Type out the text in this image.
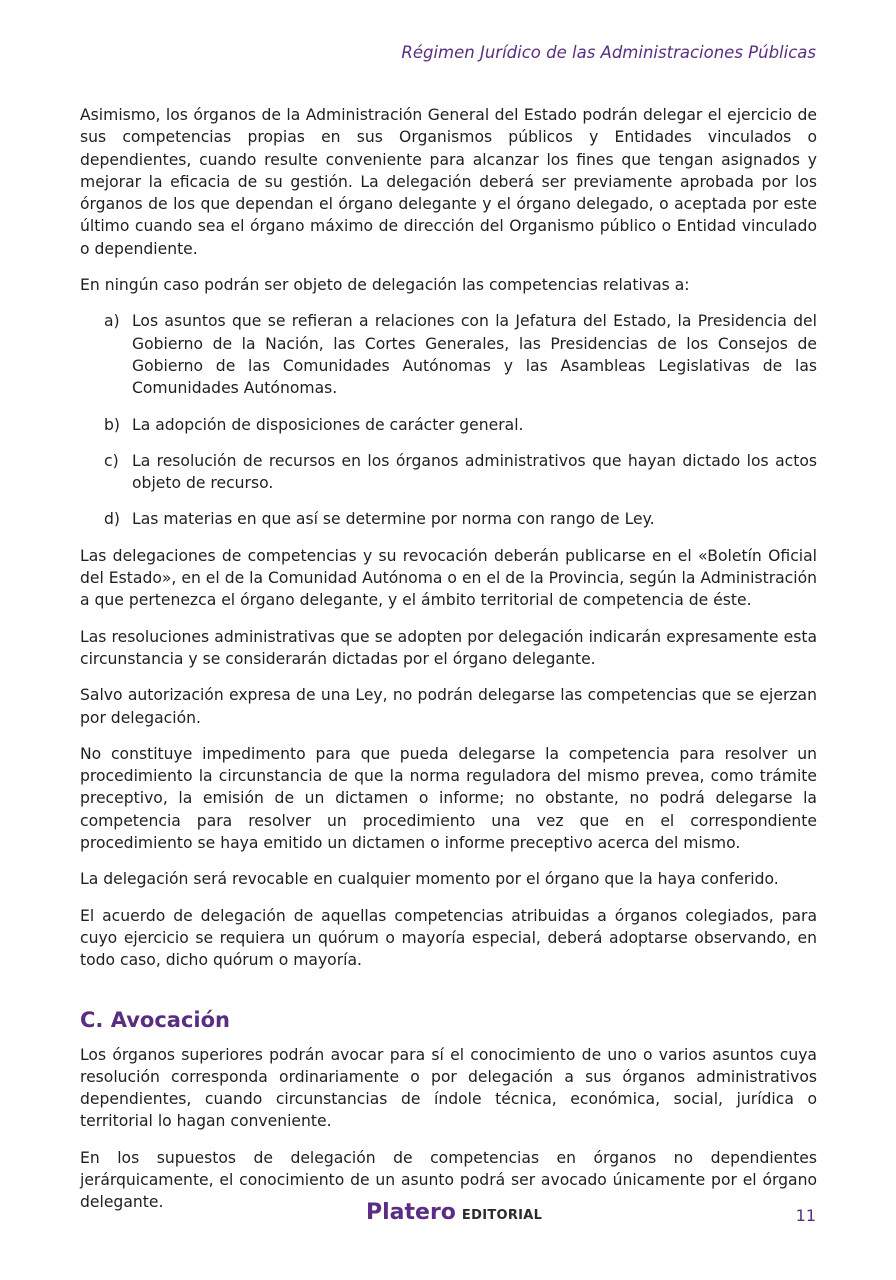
Régimen Jurídico de las Administraciones Públicas

Asimismo, los órganos de la Administración General del Estado podrán delegar el ejercicio de sus competencias propias en sus Organismos públicos y Entidades vinculados o dependientes, cuando resulte conveniente para alcanzar los fines que tengan asignados y mejorar la eficacia de su gestión. La delegación deberá ser previamente aprobada por los órganos de los que dependan el órgano delegante y el órgano delegado, o aceptada por este último cuando sea el órgano máximo de dirección del Organismo público o Entidad vinculado o dependiente.

En ningún caso podrán ser objeto de delegación las competencias relativas a:

a) Los asuntos que se refieran a relaciones con la Jefatura del Estado, la Presidencia del Gobierno de la Nación, las Cortes Generales, las Presidencias de los Consejos de Gobierno de las Comunidades Autónomas y las Asambleas Legislativas de las Comunidades Autónomas.
b) La adopción de disposiciones de carácter general.
c) La resolución de recursos en los órganos administrativos que hayan dictado los actos objeto de recurso.
d) Las materias en que así se determine por norma con rango de Ley.

Las delegaciones de competencias y su revocación deberán publicarse en el «Boletín Oficial del Estado», en el de la Comunidad Autónoma o en el de la Provincia, según la Administración a que pertenezca el órgano delegante, y el ámbito territorial de competencia de éste.

Las resoluciones administrativas que se adopten por delegación indicarán expresamente esta circunstancia y se considerarán dictadas por el órgano delegante.

Salvo autorización expresa de una Ley, no podrán delegarse las competencias que se ejerzan por delegación.

No constituye impedimento para que pueda delegarse la competencia para resolver un procedimiento la circunstancia de que la norma reguladora del mismo prevea, como trámite preceptivo, la emisión de un dictamen o informe; no obstante, no podrá delegarse la competencia para resolver un procedimiento una vez que en el correspondiente procedimiento se haya emitido un dictamen o informe preceptivo acerca del mismo.

La delegación será revocable en cualquier momento por el órgano que la haya conferido.

El acuerdo de delegación de aquellas competencias atribuidas a órganos colegiados, para cuyo ejercicio se requiera un quórum o mayoría especial, deberá adoptarse observando, en todo caso, dicho quórum o mayoría.

C. Avocación

Los órganos superiores podrán avocar para sí el conocimiento de uno o varios asuntos cuya resolución corresponda ordinariamente o por delegación a sus órganos administrativos dependientes, cuando circunstancias de índole técnica, económica, social, jurídica o territorial lo hagan conveniente.

En los supuestos de delegación de competencias en órganos no dependientes jerárquicamente, el conocimiento de un asunto podrá ser avocado únicamente por el órgano delegante.	Platero EDITORIAL	11
